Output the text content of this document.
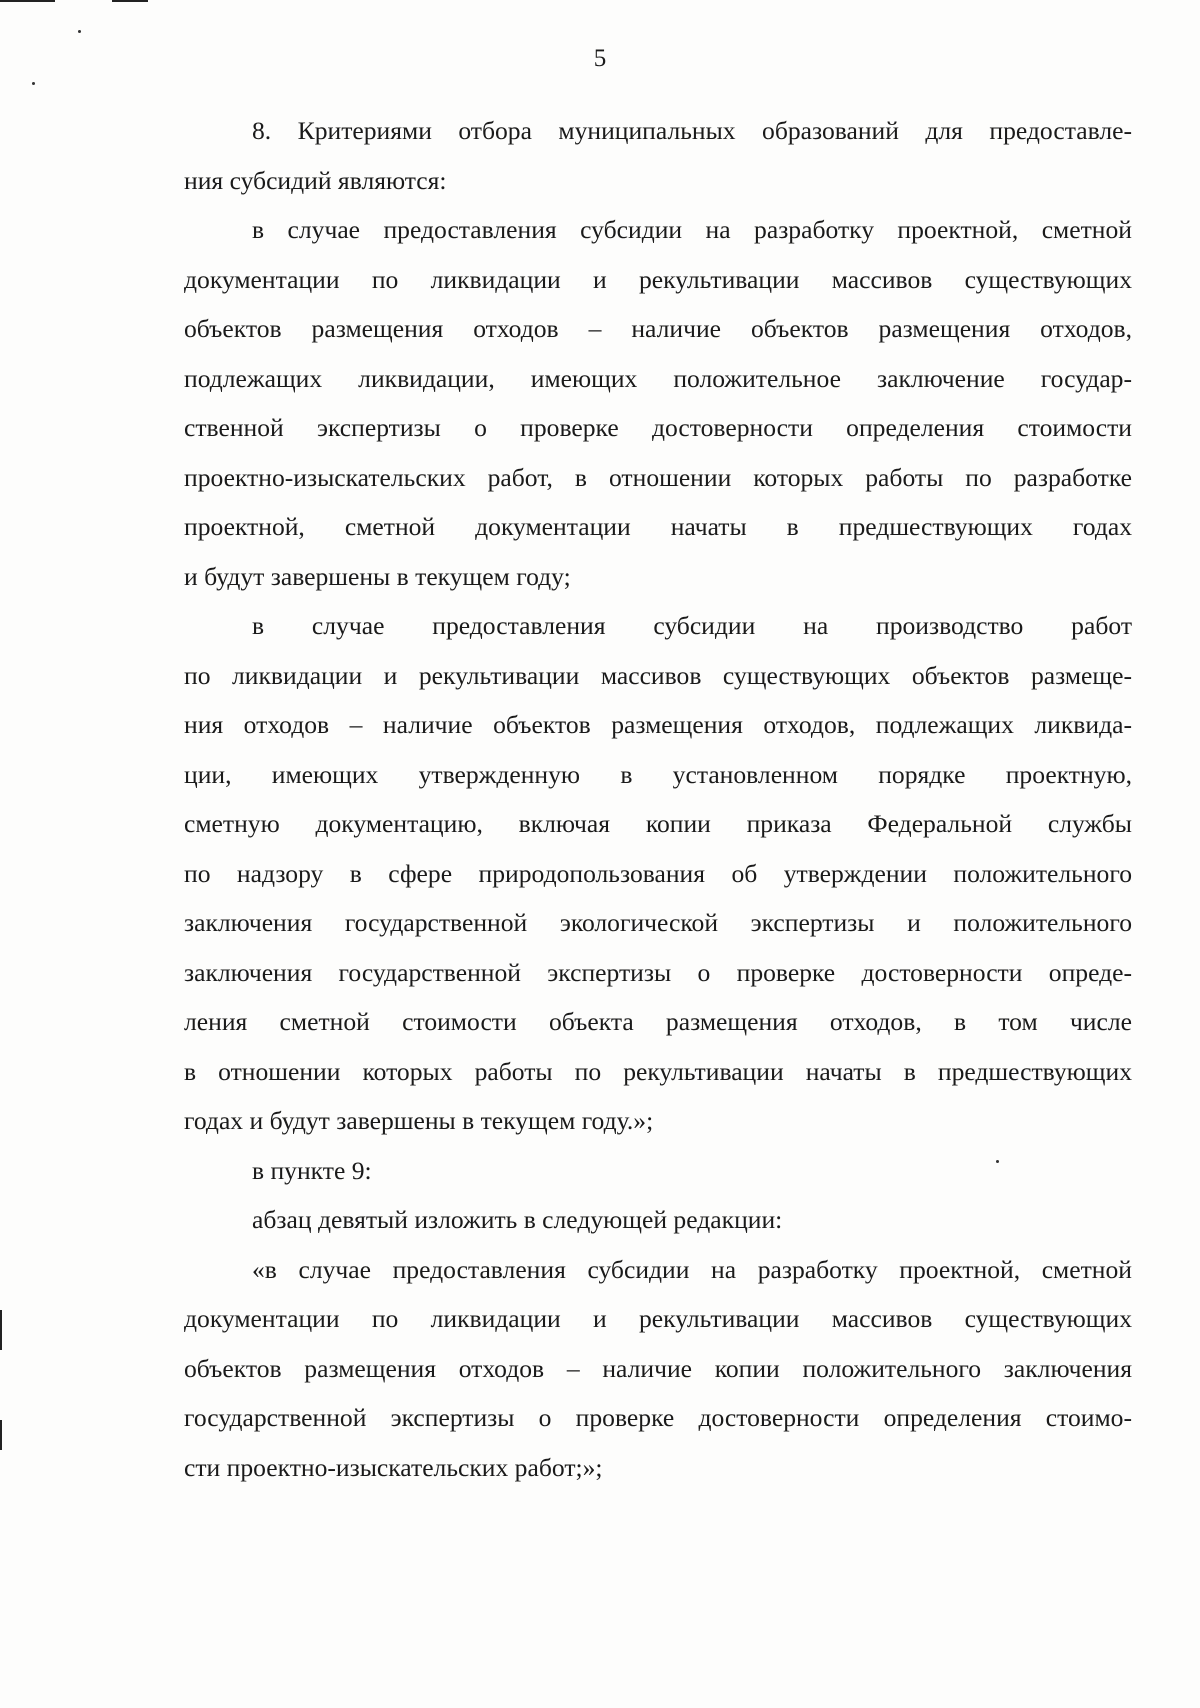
5

8. Критериями отбора муниципальных образований для предоставле-
ния субсидий являются:

в случае предоставления субсидии на разработку проектной, сметной
документации по ликвидации и рекультивации массивов существующих
объектов размещения отходов – наличие объектов размещения отходов,
подлежащих ликвидации, имеющих положительное заключение государ-
ственной экспертизы о проверке достоверности определения стоимости
проектно-изыскательских работ, в отношении которых работы по разработке
проектной, сметной документации начаты в предшествующих годах
и будут завершены в текущем году;

в случае предоставления субсидии на производство работ
по ликвидации и рекультивации массивов существующих объектов размеще-
ния отходов – наличие объектов размещения отходов, подлежащих ликвида-
ции, имеющих утвержденную в установленном порядке проектную,
сметную документацию, включая копии приказа Федеральной службы
по надзору в сфере природопользования об утверждении положительного
заключения государственной экологической экспертизы и положительного
заключения государственной экспертизы о проверке достоверности опреде-
ления сметной стоимости объекта размещения отходов, в том числе
в отношении которых работы по рекультивации начаты в предшествующих
годах и будут завершены в текущем году.»;

в пункте 9:

абзац девятый изложить в следующей редакции:

«в случае предоставления субсидии на разработку проектной, сметной
документации по ликвидации и рекультивации массивов существующих
объектов размещения отходов – наличие копии положительного заключения
государственной экспертизы о проверке достоверности определения стоимо-
сти проектно-изыскательских работ;»;
